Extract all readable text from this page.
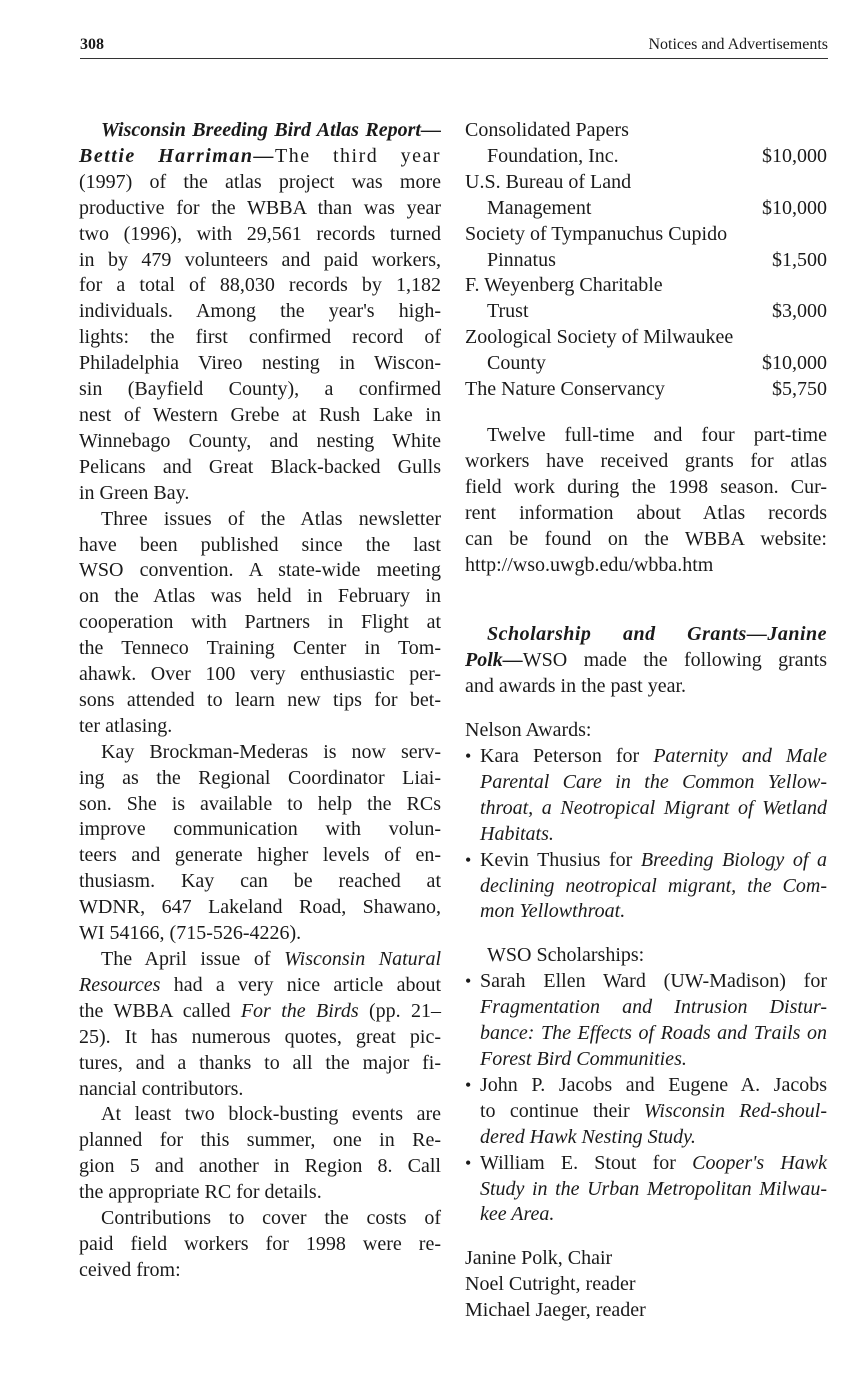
308	Notices and Advertisements
Wisconsin Breeding Bird Atlas Report—
Bettie Harriman—The third year
(1997) of the atlas project was more
productive for the WBBA than was year
two (1996), with 29,561 records turned
in by 479 volunteers and paid workers,
for a total of 88,030 records by 1,182
individuals. Among the year's high-
lights: the first confirmed record of
Philadelphia Vireo nesting in Wiscon-
sin (Bayfield County), a confirmed
nest of Western Grebe at Rush Lake in
Winnebago County, and nesting White
Pelicans and Great Black-backed Gulls
in Green Bay.
Three issues of the Atlas newsletter
have been published since the last
WSO convention. A state-wide meeting
on the Atlas was held in February in
cooperation with Partners in Flight at
the Tenneco Training Center in Tom-
ahawk. Over 100 very enthusiastic per-
sons attended to learn new tips for bet-
ter atlasing.
Kay Brockman-Mederas is now serv-
ing as the Regional Coordinator Liai-
son. She is available to help the RCs
improve communication with volun-
teers and generate higher levels of en-
thusiasm. Kay can be reached at
WDNR, 647 Lakeland Road, Shawano,
WI 54166, (715-526-4226).
The April issue of Wisconsin Natural
Resources had a very nice article about
the WBBA called For the Birds (pp. 21–
25). It has numerous quotes, great pic-
tures, and a thanks to all the major fi-
nancial contributors.
At least two block-busting events are
planned for this summer, one in Re-
gion 5 and another in Region 8. Call
the appropriate RC for details.
Contributions to cover the costs of
paid field workers for 1998 were re-
ceived from:
Consolidated Papers
Foundation, Inc.	$10,000
U.S. Bureau of Land
Management	$10,000
Society of Tympanuchus Cupido
Pinnatus	$1,500
F. Weyenberg Charitable
Trust	$3,000
Zoological Society of Milwaukee
County	$10,000
The Nature Conservancy	$5,750
Twelve full-time and four part-time
workers have received grants for atlas
field work during the 1998 season. Cur-
rent information about Atlas records
can be found on the WBBA website:
http://wso.uwgb.edu/wbba.htm
Scholarship and Grants—Janine
Polk—WSO made the following grants
and awards in the past year.
Nelson Awards:
• Kara Peterson for Paternity and Male
Parental Care in the Common Yellow-
throat, a Neotropical Migrant of Wetland
Habitats.
• Kevin Thusius for Breeding Biology of a
declining neotropical migrant, the Com-
mon Yellowthroat.
WSO Scholarships:
• Sarah Ellen Ward (UW-Madison) for
Fragmentation and Intrusion Distur-
bance: The Effects of Roads and Trails on
Forest Bird Communities.
• John P. Jacobs and Eugene A. Jacobs
to continue their Wisconsin Red-shoul-
dered Hawk Nesting Study.
• William E. Stout for Cooper's Hawk
Study in the Urban Metropolitan Milwau-
kee Area.
Janine Polk, Chair
Noel Cutright, reader
Michael Jaeger, reader
